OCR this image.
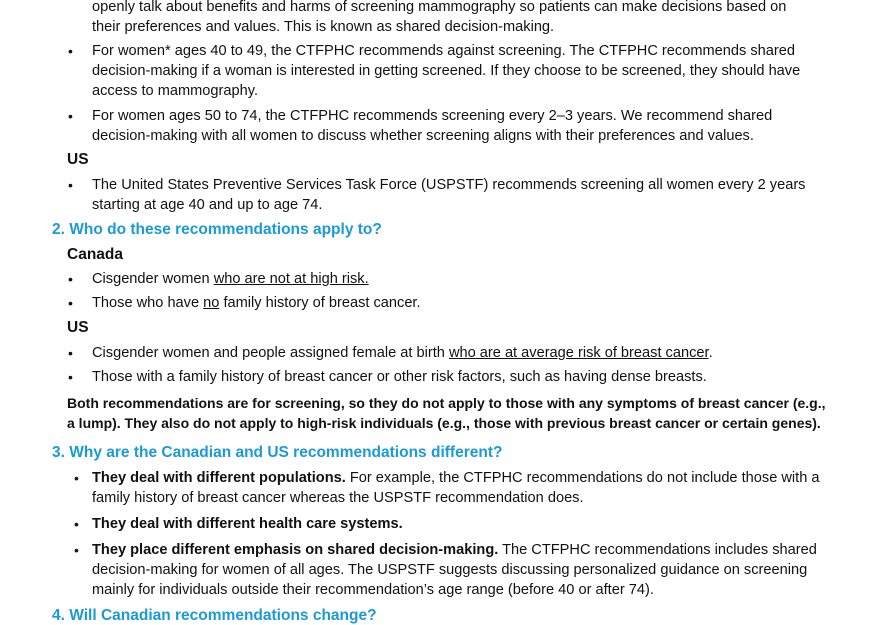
openly talk about benefits and harms of screening mammography so patients can make decisions based on
their preferences and values. This is known as shared decision-making.
• For women* ages 40 to 49, the CTFPHC recommends against screening. The CTFPHC recommends shared
decision-making if a woman is interested in getting screened. If they choose to be screened, they should have
access to mammography.
• For women ages 50 to 74, the CTFPHC recommends screening every 2–3 years. We recommend shared
decision-making with all women to discuss whether screening aligns with their preferences and values.
US
• The United States Preventive Services Task Force (USPSTF) recommends screening all women every 2 years
starting at age 40 and up to age 74.
2. Who do these recommendations apply to?
Canada
• Cisgender women who are not at high risk.
• Those who have no family history of breast cancer.
US
• Cisgender women and people assigned female at birth who are at average risk of breast cancer.
• Those with a family history of breast cancer or other risk factors, such as having dense breasts.
Both recommendations are for screening, so they do not apply to those with any symptoms of breast cancer (e.g.,
a lump). They also do not apply to high-risk individuals (e.g., those with previous breast cancer or certain genes).
3. Why are the Canadian and US recommendations different?
• They deal with different populations. For example, the CTFPHC recommendations do not include those with a
family history of breast cancer whereas the USPSTF recommendation does.
• They deal with different health care systems.
• They place different emphasis on shared decision-making. The CTFPHC recommendations includes shared
decision-making for women of all ages. The USPSTF suggests discussing personalized guidance on screening
mainly for individuals outside their recommendation’s age range (before 40 or after 74).
4. Will Canadian recommendations change?
